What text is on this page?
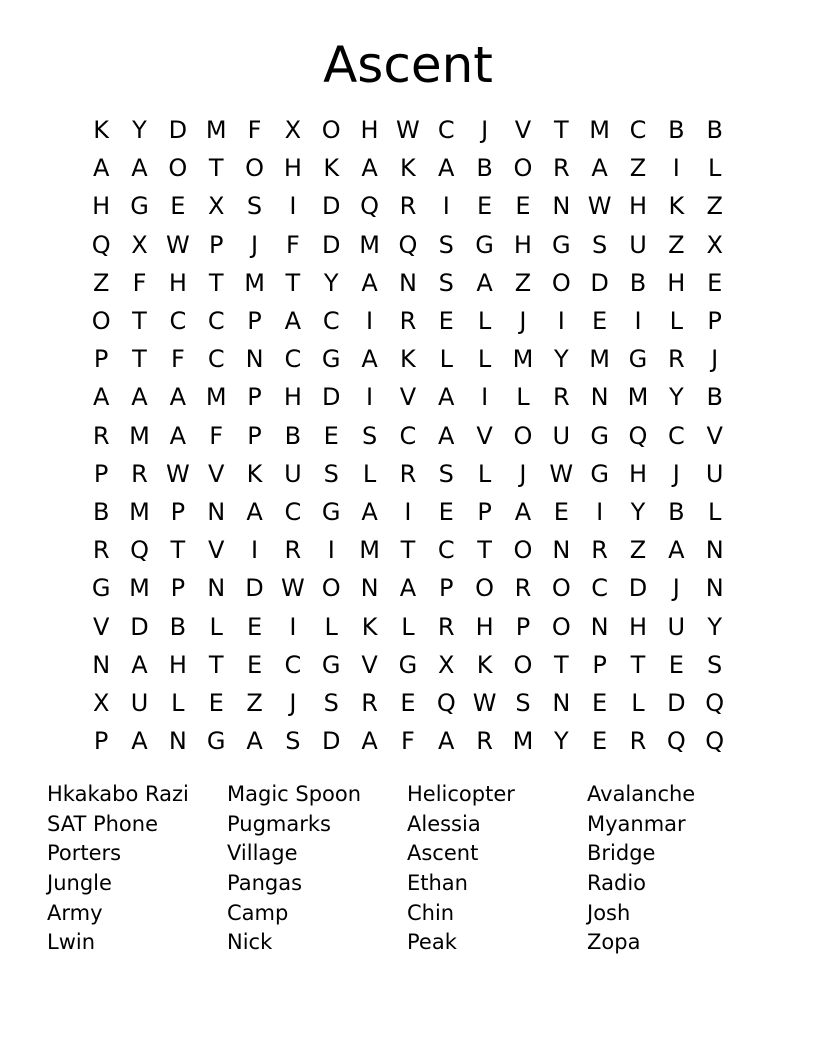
Ascent
K Y D M F X O H W C	J	V T M C B B
A A O T O H K A K A B O R A Z	I	L
H G E X S	I	D Q R	I	E E N W H K Z
Q X W P	J	F D M Q S G H G S U Z X
Z F H T M T Y A N S A Z O D B H E
O T C C P A C	I	R E	L	J	I	E	I	L	P
P T	F C N C G A K L	L M Y M G R	J
A A A M P H D	I	V A	I	L R N M Y B
R M A F	P B E S C A V O U G Q C V
P R W V K U S	L R S	L	J W G H	J	U
B M P N A C G A	I	E P A E	I	Y B L
R Q T V	I	R	I	M T C T O N R Z A N
G M P N D W O N A P O R O C D	J	N
V D B L	E	I	L K L R H P O N H U Y
N A H T E C G V G X K O T P T E S
X U L	E Z	J	S R E Q W S N E	L D Q
P A N G A S D A F A R M Y E R Q Q
Hkakabo Razi	Magic Spoon	Helicopter	Avalanche
SAT Phone	Pugmarks	Alessia	Myanmar
Porters	Village	Ascent	Bridge
Jungle	Pangas	Ethan	Radio
Army	Camp	Chin	Josh
Lwin	Nick	Peak	Zopa
